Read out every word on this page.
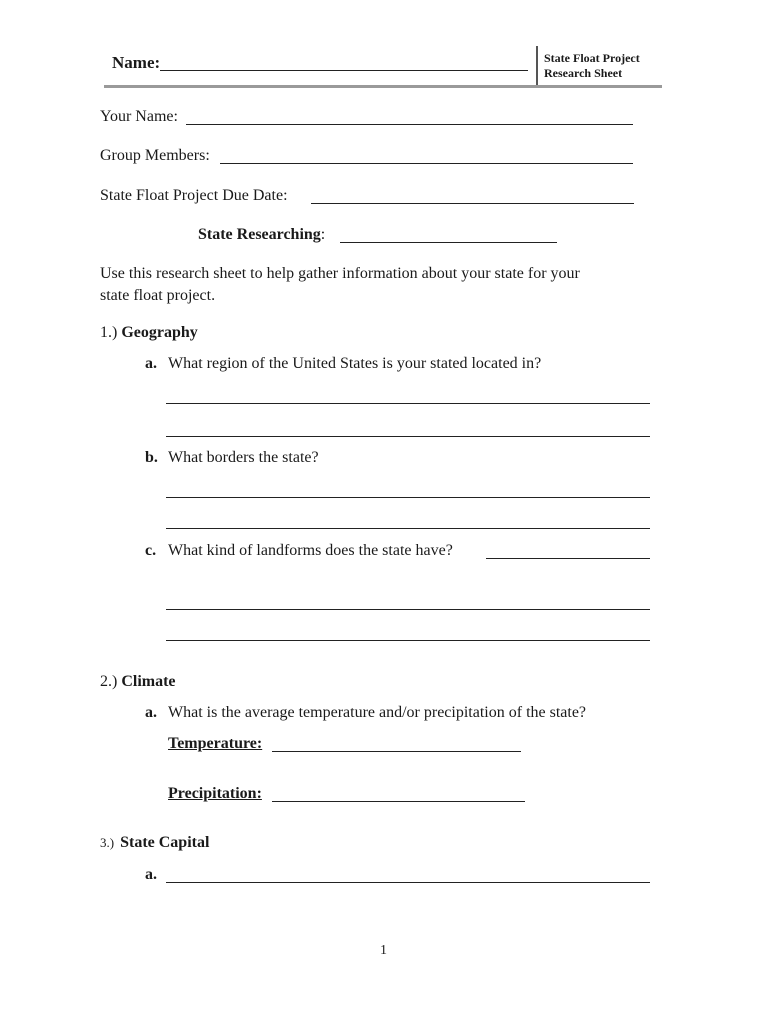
Name:	State Float Project
Research Sheet
Your Name:
Group Members:
State Float Project Due Date:
State Researching:
Use this research sheet to help gather information about your state for your
state float project.
1.) Geography
a. What region of the United States is your stated located in?
b. What borders the state?
c. What kind of landforms does the state have?
2.) Climate
a. What is the average temperature and/or precipitation of the state?
Temperature:
Precipitation:
3.) State Capital
a.
1
